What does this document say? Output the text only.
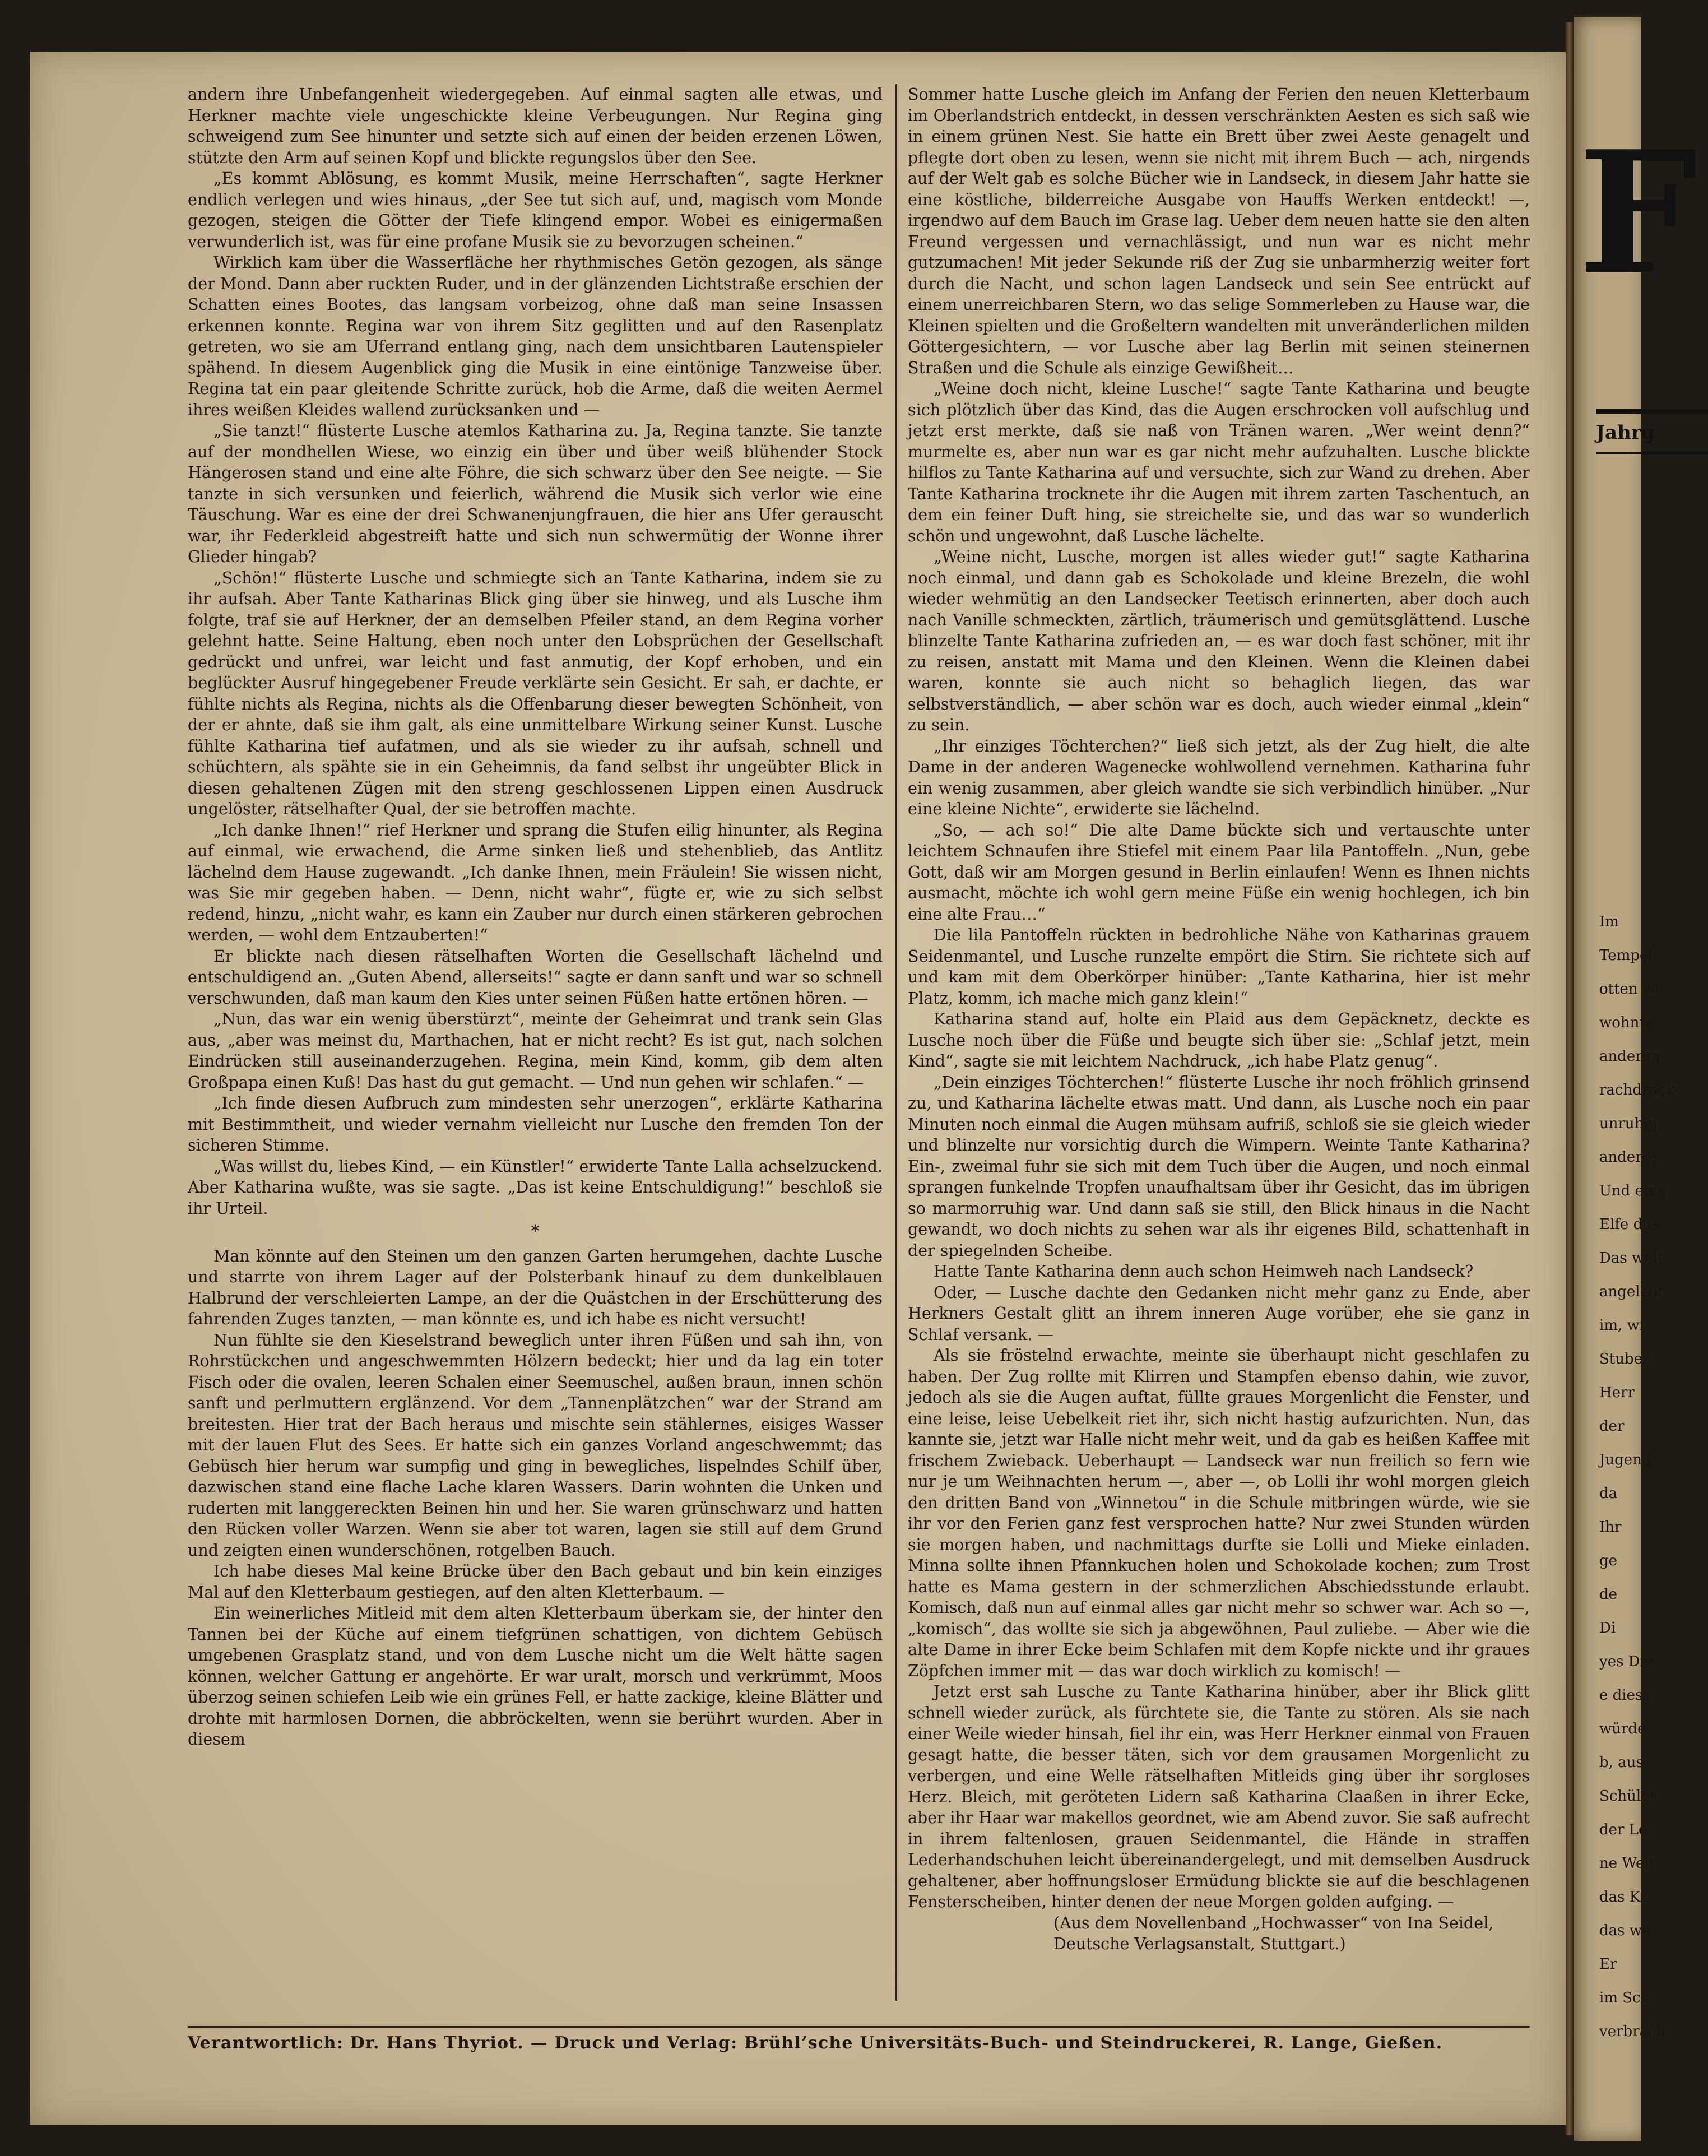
F
Jahrg
Im
Tempel
otten zu
wohnte
anderen
rachdrück
unruhig
anderes
Und eine
Elfe dus
Das weit
angelegt
im, wi
Stuben
Herr
der
Jugend
da
Ihr
ge
de
Di
yes Die
e diese
würde
b, aus
Schüler
der Le
ne Welt
das Ki
das we
Er
im Sch
verbrach

andern ihre Unbefangenheit wiedergegeben. Auf einmal sagten alle etwas, und Herkner machte viele ungeschickte kleine Verbeugungen. Nur Regina ging schweigend zum See hinunter und setzte sich auf einen der beiden erzenen Löwen, stützte den Arm auf seinen Kopf und blickte regungslos über den See.

„Es kommt Ablösung, es kommt Musik, meine Herrschaften“, sagte Herkner endlich verlegen und wies hinaus, „der See tut sich auf, und, magisch vom Monde gezogen, steigen die Götter der Tiefe klingend empor. Wobei es einigermaßen verwunderlich ist, was für eine profane Musik sie zu bevorzugen scheinen.“

Wirklich kam über die Wasserfläche her rhythmisches Getön gezogen, als sänge der Mond. Dann aber ruckten Ruder, und in der glänzenden Lichtstraße erschien der Schatten eines Bootes, das langsam vorbeizog, ohne daß man seine Insassen erkennen konnte. Regina war von ihrem Sitz geglitten und auf den Rasenplatz getreten, wo sie am Uferrand entlang ging, nach dem unsichtbaren Lautenspieler spähend. In diesem Augenblick ging die Musik in eine eintönige Tanzweise über. Regina tat ein paar gleitende Schritte zurück, hob die Arme, daß die weiten Aermel ihres weißen Kleides wallend zurücksanken und —

„Sie tanzt!“ flüsterte Lusche atemlos Katharina zu. Ja, Regina tanzte. Sie tanzte auf der mondhellen Wiese, wo einzig ein über und über weiß blühender Stock Hängerosen stand und eine alte Föhre, die sich schwarz über den See neigte. — Sie tanzte in sich versunken und feierlich, während die Musik sich verlor wie eine Täuschung. War es eine der drei Schwanenjungfrauen, die hier ans Ufer gerauscht war, ihr Federkleid abgestreift hatte und sich nun schwermütig der Wonne ihrer Glieder hingab?

„Schön!“ flüsterte Lusche und schmiegte sich an Tante Katharina, indem sie zu ihr aufsah. Aber Tante Katharinas Blick ging über sie hinweg, und als Lusche ihm folgte, traf sie auf Herkner, der an demselben Pfeiler stand, an dem Regina vorher gelehnt hatte. Seine Haltung, eben noch unter den Lobsprüchen der Gesellschaft gedrückt und unfrei, war leicht und fast anmutig, der Kopf erhoben, und ein beglückter Ausruf hingegebener Freude verklärte sein Gesicht. Er sah, er dachte, er fühlte nichts als Regina, nichts als die Offenbarung dieser bewegten Schönheit, von der er ahnte, daß sie ihm galt, als eine unmittelbare Wirkung seiner Kunst. Lusche fühlte Katharina tief aufatmen, und als sie wieder zu ihr aufsah, schnell und schüchtern, als spähte sie in ein Geheimnis, da fand selbst ihr ungeübter Blick in diesen gehaltenen Zügen mit den streng geschlossenen Lippen einen Ausdruck ungelöster, rätselhafter Qual, der sie betroffen machte.

„Ich danke Ihnen!“ rief Herkner und sprang die Stufen eilig hinunter, als Regina auf einmal, wie erwachend, die Arme sinken ließ und stehenblieb, das Antlitz lächelnd dem Hause zugewandt. „Ich danke Ihnen, mein Fräulein! Sie wissen nicht, was Sie mir gegeben haben. — Denn, nicht wahr“, fügte er, wie zu sich selbst redend, hinzu, „nicht wahr, es kann ein Zauber nur durch einen stärkeren gebrochen werden, — wohl dem Entzauberten!“

Er blickte nach diesen rätselhaften Worten die Gesellschaft lächelnd und entschuldigend an. „Guten Abend, allerseits!“ sagte er dann sanft und war so schnell verschwunden, daß man kaum den Kies unter seinen Füßen hatte ertönen hören. —

„Nun, das war ein wenig überstürzt“, meinte der Geheimrat und trank sein Glas aus, „aber was meinst du, Marthachen, hat er nicht recht? Es ist gut, nach solchen Eindrücken still auseinanderzugehen. Regina, mein Kind, komm, gib dem alten Großpapa einen Kuß! Das hast du gut gemacht. — Und nun gehen wir schlafen.“ —

„Ich finde diesen Aufbruch zum mindesten sehr unerzogen“, erklärte Katharina mit Bestimmtheit, und wieder vernahm vielleicht nur Lusche den fremden Ton der sicheren Stimme.

„Was willst du, liebes Kind, — ein Künstler!“ erwiderte Tante Lalla achselzuckend. Aber Katharina wußte, was sie sagte. „Das ist keine Entschuldigung!“ beschloß sie ihr Urteil.

*

Man könnte auf den Steinen um den ganzen Garten herumgehen, dachte Lusche und starrte von ihrem Lager auf der Polsterbank hinauf zu dem dunkelblauen Halbrund der verschleierten Lampe, an der die Quästchen in der Erschütterung des fahrenden Zuges tanzten, — man könnte es, und ich habe es nicht versucht!

Nun fühlte sie den Kieselstrand beweglich unter ihren Füßen und sah ihn, von Rohrstückchen und angeschwemmten Hölzern bedeckt; hier und da lag ein toter Fisch oder die ovalen, leeren Schalen einer Seemuschel, außen braun, innen schön sanft und perlmuttern erglänzend. Vor dem „Tannenplätzchen“ war der Strand am breitesten. Hier trat der Bach heraus und mischte sein stählernes, eisiges Wasser mit der lauen Flut des Sees. Er hatte sich ein ganzes Vorland angeschwemmt; das Gebüsch hier herum war sumpfig und ging in bewegliches, lispelndes Schilf über, dazwischen stand eine flache Lache klaren Wassers. Darin wohnten die Unken und ruderten mit langgereckten Beinen hin und her. Sie waren grünschwarz und hatten den Rücken voller Warzen. Wenn sie aber tot waren, lagen sie still auf dem Grund und zeigten einen wunderschönen, rotgelben Bauch.

Ich habe dieses Mal keine Brücke über den Bach gebaut und bin kein einziges Mal auf den Kletterbaum gestiegen, auf den alten Kletterbaum. —

Ein weinerliches Mitleid mit dem alten Kletterbaum überkam sie, der hinter den Tannen bei der Küche auf einem tiefgrünen schattigen, von dichtem Gebüsch umgebenen Grasplatz stand, und von dem Lusche nicht um die Welt hätte sagen können, welcher Gattung er angehörte. Er war uralt, morsch und verkrümmt, Moos überzog seinen schiefen Leib wie ein grünes Fell, er hatte zackige, kleine Blätter und drohte mit harmlosen Dornen, die abbröckelten, wenn sie berührt wurden. Aber in diesem

Sommer hatte Lusche gleich im Anfang der Ferien den neuen Kletterbaum im Oberlandstrich entdeckt, in dessen verschränkten Aesten es sich saß wie in einem grünen Nest. Sie hatte ein Brett über zwei Aeste genagelt und pflegte dort oben zu lesen, wenn sie nicht mit ihrem Buch — ach, nirgends auf der Welt gab es solche Bücher wie in Landseck, in diesem Jahr hatte sie eine köstliche, bilderreiche Ausgabe von Hauffs Werken entdeckt! —, irgendwo auf dem Bauch im Grase lag. Ueber dem neuen hatte sie den alten Freund vergessen und vernachlässigt, und nun war es nicht mehr gutzumachen! Mit jeder Sekunde riß der Zug sie unbarmherzig weiter fort durch die Nacht, und schon lagen Landseck und sein See entrückt auf einem unerreichbaren Stern, wo das selige Sommerleben zu Hause war, die Kleinen spielten und die Großeltern wandelten mit unveränderlichen milden Göttergesichtern, — vor Lusche aber lag Berlin mit seinen steinernen Straßen und die Schule als einzige Gewißheit…

„Weine doch nicht, kleine Lusche!“ sagte Tante Katharina und beugte sich plötzlich über das Kind, das die Augen erschrocken voll aufschlug und jetzt erst merkte, daß sie naß von Tränen waren. „Wer weint denn?“ murmelte es, aber nun war es gar nicht mehr aufzuhalten. Lusche blickte hilflos zu Tante Katharina auf und versuchte, sich zur Wand zu drehen. Aber Tante Katharina trocknete ihr die Augen mit ihrem zarten Taschentuch, an dem ein feiner Duft hing, sie streichelte sie, und das war so wunderlich schön und ungewohnt, daß Lusche lächelte.

„Weine nicht, Lusche, morgen ist alles wieder gut!“ sagte Katharina noch einmal, und dann gab es Schokolade und kleine Brezeln, die wohl wieder wehmütig an den Landsecker Teetisch erinnerten, aber doch auch nach Vanille schmeckten, zärtlich, träumerisch und gemütsglättend. Lusche blinzelte Tante Katharina zufrieden an, — es war doch fast schöner, mit ihr zu reisen, anstatt mit Mama und den Kleinen. Wenn die Kleinen dabei waren, konnte sie auch nicht so behaglich liegen, das war selbstverständlich, — aber schön war es doch, auch wieder einmal „klein“ zu sein.

„Ihr einziges Töchterchen?“ ließ sich jetzt, als der Zug hielt, die alte Dame in der anderen Wagenecke wohlwollend vernehmen. Katharina fuhr ein wenig zusammen, aber gleich wandte sie sich verbindlich hinüber. „Nur eine kleine Nichte“, erwiderte sie lächelnd.

„So, — ach so!“ Die alte Dame bückte sich und vertauschte unter leichtem Schnaufen ihre Stiefel mit einem Paar lila Pantoffeln. „Nun, gebe Gott, daß wir am Morgen gesund in Berlin einlaufen! Wenn es Ihnen nichts ausmacht, möchte ich wohl gern meine Füße ein wenig hochlegen, ich bin eine alte Frau…“

Die lila Pantoffeln rückten in bedrohliche Nähe von Katharinas grauem Seidenmantel, und Lusche runzelte empört die Stirn. Sie richtete sich auf und kam mit dem Oberkörper hinüber: „Tante Katharina, hier ist mehr Platz, komm, ich mache mich ganz klein!“

Katharina stand auf, holte ein Plaid aus dem Gepäcknetz, deckte es Lusche noch über die Füße und beugte sich über sie: „Schlaf jetzt, mein Kind“, sagte sie mit leichtem Nachdruck, „ich habe Platz genug“.

„Dein einziges Töchterchen!“ flüsterte Lusche ihr noch fröhlich grinsend zu, und Katharina lächelte etwas matt. Und dann, als Lusche noch ein paar Minuten noch einmal die Augen mühsam aufriß, schloß sie sie gleich wieder und blinzelte nur vorsichtig durch die Wimpern. Weinte Tante Katharina? Ein-, zweimal fuhr sie sich mit dem Tuch über die Augen, und noch einmal sprangen funkelnde Tropfen unaufhaltsam über ihr Gesicht, das im übrigen so marmorruhig war. Und dann saß sie still, den Blick hinaus in die Nacht gewandt, wo doch nichts zu sehen war als ihr eigenes Bild, schattenhaft in der spiegelnden Scheibe.

Hatte Tante Katharina denn auch schon Heimweh nach Landseck?

Oder, — Lusche dachte den Gedanken nicht mehr ganz zu Ende, aber Herkners Gestalt glitt an ihrem inneren Auge vorüber, ehe sie ganz in Schlaf versank. —

Als sie fröstelnd erwachte, meinte sie überhaupt nicht geschlafen zu haben. Der Zug rollte mit Klirren und Stampfen ebenso dahin, wie zuvor, jedoch als sie die Augen auftat, füllte graues Morgenlicht die Fenster, und eine leise, leise Uebelkeit riet ihr, sich nicht hastig aufzurichten. Nun, das kannte sie, jetzt war Halle nicht mehr weit, und da gab es heißen Kaffee mit frischem Zwieback. Ueberhaupt — Landseck war nun freilich so fern wie nur je um Weihnachten herum —, aber —, ob Lolli ihr wohl morgen gleich den dritten Band von „Winnetou“ in die Schule mitbringen würde, wie sie ihr vor den Ferien ganz fest versprochen hatte? Nur zwei Stunden würden sie morgen haben, und nachmittags durfte sie Lolli und Mieke einladen. Minna sollte ihnen Pfannkuchen holen und Schokolade kochen; zum Trost hatte es Mama gestern in der schmerzlichen Abschiedsstunde erlaubt. Komisch, daß nun auf einmal alles gar nicht mehr so schwer war. Ach so —, „komisch“, das wollte sie sich ja abgewöhnen, Paul zuliebe. — Aber wie die alte Dame in ihrer Ecke beim Schlafen mit dem Kopfe nickte und ihr graues Zöpfchen immer mit — das war doch wirklich zu komisch! —

Jetzt erst sah Lusche zu Tante Katharina hinüber, aber ihr Blick glitt schnell wieder zurück, als fürchtete sie, die Tante zu stören. Als sie nach einer Weile wieder hinsah, fiel ihr ein, was Herr Herkner einmal von Frauen gesagt hatte, die besser täten, sich vor dem grausamen Morgenlicht zu verbergen, und eine Welle rätselhaften Mitleids ging über ihr sorgloses Herz. Bleich, mit geröteten Lidern saß Katharina Claaßen in ihrer Ecke, aber ihr Haar war makellos geordnet, wie am Abend zuvor. Sie saß aufrecht in ihrem faltenlosen, grauen Seidenmantel, die Hände in straffen Lederhandschuhen leicht übereinandergelegt, und mit demselben Ausdruck gehaltener, aber hoffnungsloser Ermüdung blickte sie auf die beschlagenen Fensterscheiben, hinter denen der neue Morgen golden aufging. —

(Aus dem Novellenband „Hochwasser“ von Ina Seidel, Deutsche Verlagsanstalt, Stuttgart.)

Verantwortlich: Dr. Hans Thyriot. — Druck und Verlag: Brühl’sche Universitäts-Buch- und Steindruckerei, R. Lange, Gießen.
